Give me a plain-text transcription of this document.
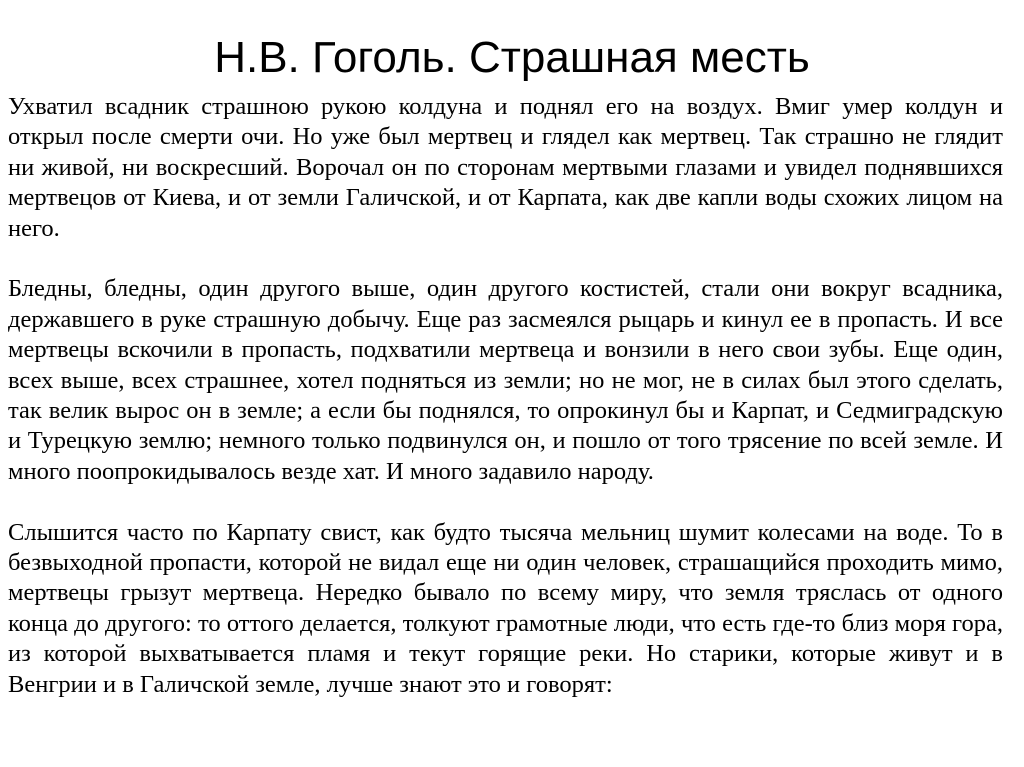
Н.В. Гоголь. Страшная месть

Ухватил всадник страшною рукою колдуна и поднял его на воздух. Вмиг умер колдун и открыл после смерти очи. Но уже был мертвец и глядел как мертвец. Так страшно не глядит ни живой, ни воскресший. Ворочал он по сторонам мертвыми глазами и увидел поднявшихся мертвецов от Киева, и от земли Галичской, и от Карпата, как две капли воды схожих лицом на него.

Бледны, бледны, один другого выше, один другого костистей, стали они вокруг всадника, державшего в руке страшную добычу. Еще раз засмеялся рыцарь и кинул ее в пропасть. И все мертвецы вскочили в пропасть, подхватили мертвеца и вонзили в него свои зубы. Еще один, всех выше, всех страшнее, хотел подняться из земли; но не мог, не в силах был этого сделать, так велик вырос он в земле; а если бы поднялся, то опрокинул бы и Карпат, и Седмиградскую и Турецкую землю; немного только подвинулся он, и пошло от того трясение по всей земле. И много поопрокидывалось везде хат. И много задавило народу.

Слышится часто по Карпату свист, как будто тысяча мельниц шумит колесами на воде. То в безвыходной пропасти, которой не видал еще ни один человек, страшащийся проходить мимо, мертвецы грызут мертвеца. Нередко бывало по всему миру, что земля тряслась от одного конца до другого: то оттого делается, толкуют грамотные люди, что есть где-то близ моря гора, из которой выхватывается пламя и текут горящие реки. Но старики, которые живут и в Венгрии и в Галичской земле, лучше знают это и говорят:
